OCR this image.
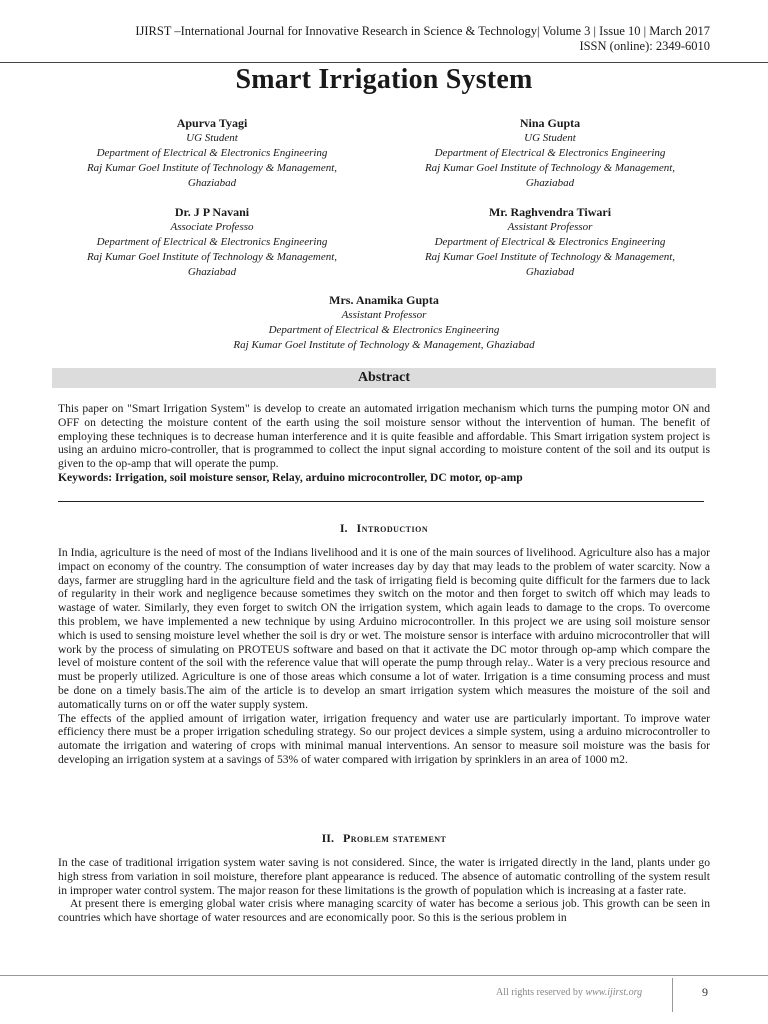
IJIRST –International Journal for Innovative Research in Science & Technology| Volume 3 | Issue 10 | March 2017
ISSN (online): 2349-6010
Smart Irrigation System
Apurva Tyagi
UG Student
Department of Electrical & Electronics Engineering
Raj Kumar Goel Institute of Technology & Management,
Ghaziabad
Nina Gupta
UG Student
Department of Electrical & Electronics Engineering
Raj Kumar Goel Institute of Technology & Management,
Ghaziabad
Dr. J P Navani
Associate Professo
Department of Electrical & Electronics Engineering
Raj Kumar Goel Institute of Technology & Management,
Ghaziabad
Mr. Raghvendra Tiwari
Assistant Professor
Department of Electrical & Electronics Engineering
Raj Kumar Goel Institute of Technology & Management,
Ghaziabad
Mrs. Anamika Gupta
Assistant Professor
Department of Electrical & Electronics Engineering
Raj Kumar Goel Institute of Technology & Management, Ghaziabad
Abstract
This paper on "Smart Irrigation System" is develop to create an automated irrigation mechanism which turns the pumping motor ON and OFF on detecting the moisture content of the earth using the soil moisture sensor without the intervention of human. The benefit of employing these techniques is to decrease human interference and it is quite feasible and affordable. This Smart irrigation system project is using an arduino micro-controller, that is programmed to collect the input signal according to moisture content of the soil and its output is given to the op-amp that will operate the pump.
Keywords: Irrigation, soil moisture sensor, Relay, arduino microcontroller, DC motor, op-amp
I. Introduction
In India, agriculture is the need of most of the Indians livelihood and it is one of the main sources of livelihood. Agriculture also has a major impact on economy of the country. The consumption of water increases day by day that may leads to the problem of water scarcity. Now a days, farmer are struggling hard in the agriculture field and the task of irrigating field is becoming quite difficult for the farmers due to lack of regularity in their work and negligence because sometimes they switch on the motor and then forget to switch off which may leads to wastage of water. Similarly, they even forget to switch ON the irrigation system, which again leads to damage to the crops. To overcome this problem, we have implemented a new technique by using Arduino microcontroller. In this project we are using soil moisture sensor which is used to sensing moisture level whether the soil is dry or wet. The moisture sensor is interface with arduino microcontroller that will work by the process of simulating on PROTEUS software and based on that it activate the DC motor through op-amp which compare the level of moisture content of the soil with the reference value that will operate the pump through relay.. Water is a very precious resource and must be properly utilized. Agriculture is one of those areas which consume a lot of water. Irrigation is a time consuming process and must be done on a timely basis.The aim of the article is to develop an smart irrigation system which measures the moisture of the soil and automatically turns on or off the water supply system.
The effects of the applied amount of irrigation water, irrigation frequency and water use are particularly important. To improve water efficiency there must be a proper irrigation scheduling strategy. So our project devices a simple system, using a arduino microcontroller to automate the irrigation and watering of crops with minimal manual interventions. An sensor to measure soil moisture was the basis for developing an irrigation system at a savings of 53% of water compared with irrigation by sprinklers in an area of 1000 m2.
II. Problem statement
In the case of traditional irrigation system water saving is not considered. Since, the water is irrigated directly in the land, plants under go high stress from variation in soil moisture, therefore plant appearance is reduced. The absence of automatic controlling of the system result in improper water control system. The major reason for these limitations is the growth of population which is increasing at a faster rate.
At present there is emerging global water crisis where managing scarcity of water has become a serious job. This growth can be seen in countries which have shortage of water resources and are economically poor. So this is the serious problem in
All rights reserved by www.ijirst.org	9
